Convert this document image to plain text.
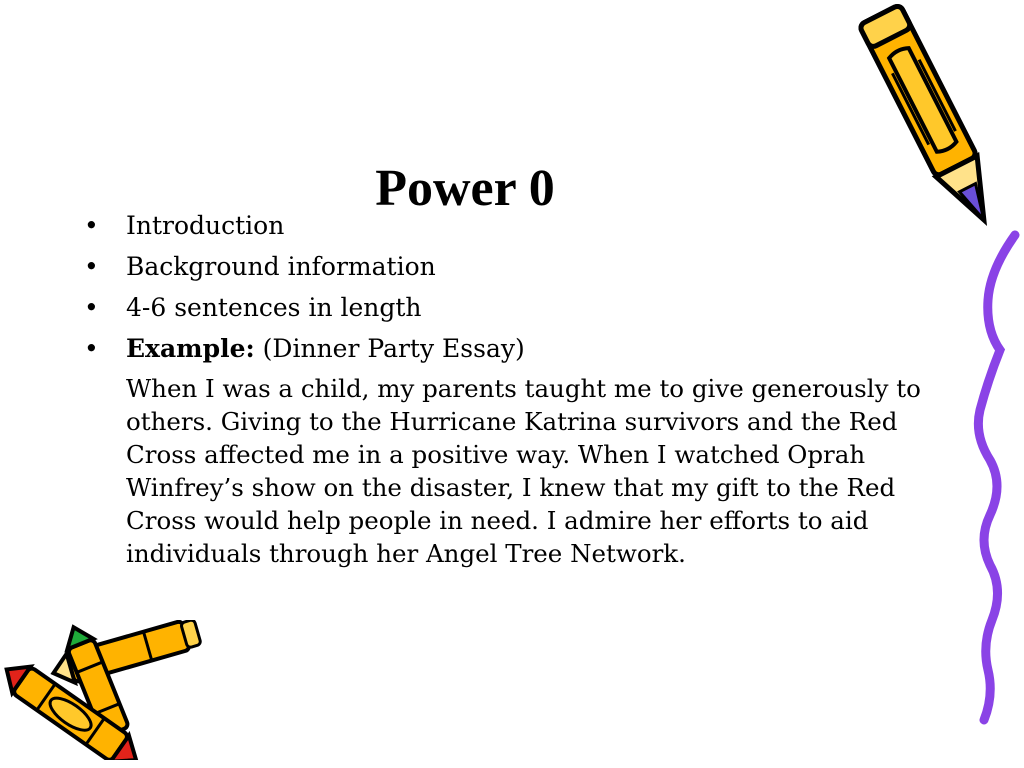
Power 0
• Introduction
• Background information
• 4-6 sentences in length
• Example: (Dinner Party Essay)

When I was a child, my parents taught me to give generously to others. Giving to the Hurricane Katrina survivors and the Red Cross affected me in a positive way. When I watched Oprah Winfrey’s show on the disaster, I knew that my gift to the Red Cross would help people in need. I admire her efforts to aid individuals through her Angel Tree Network.
